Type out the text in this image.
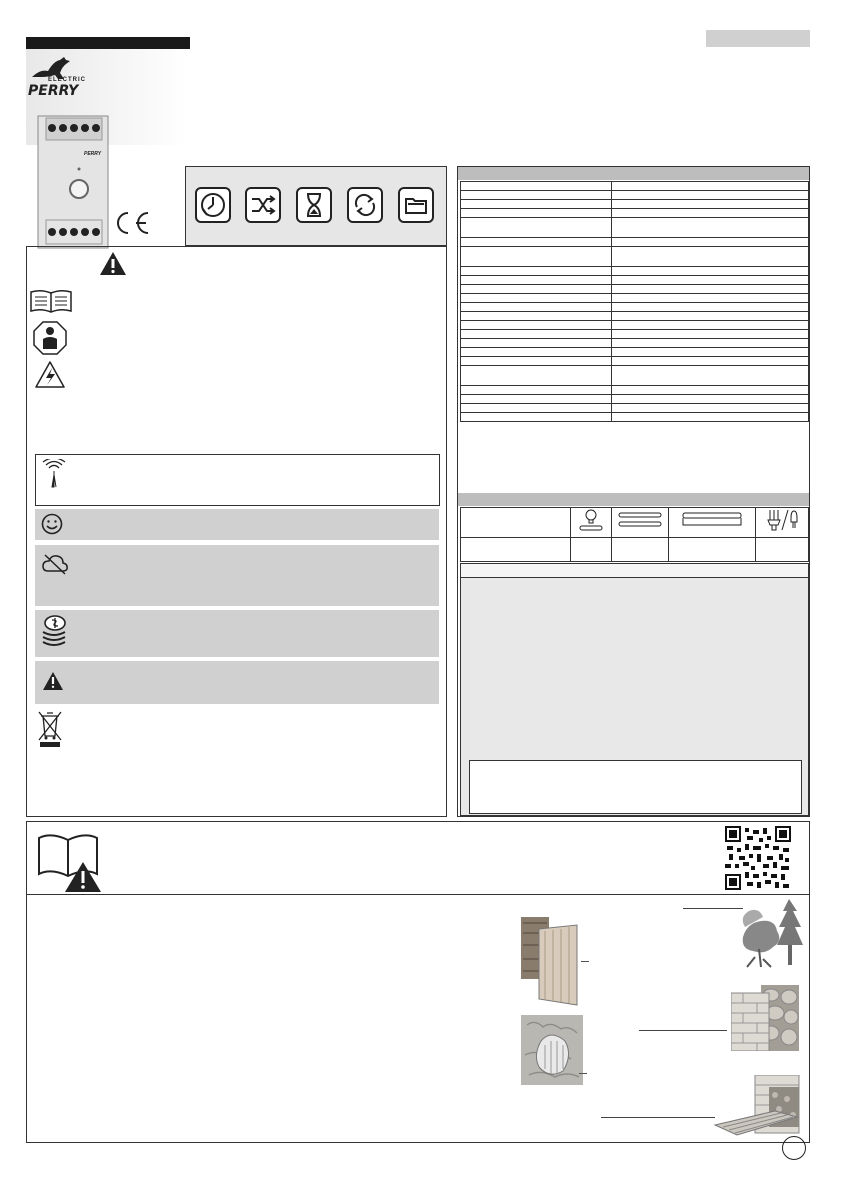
ELECTRIC
PERRY
PERRY
